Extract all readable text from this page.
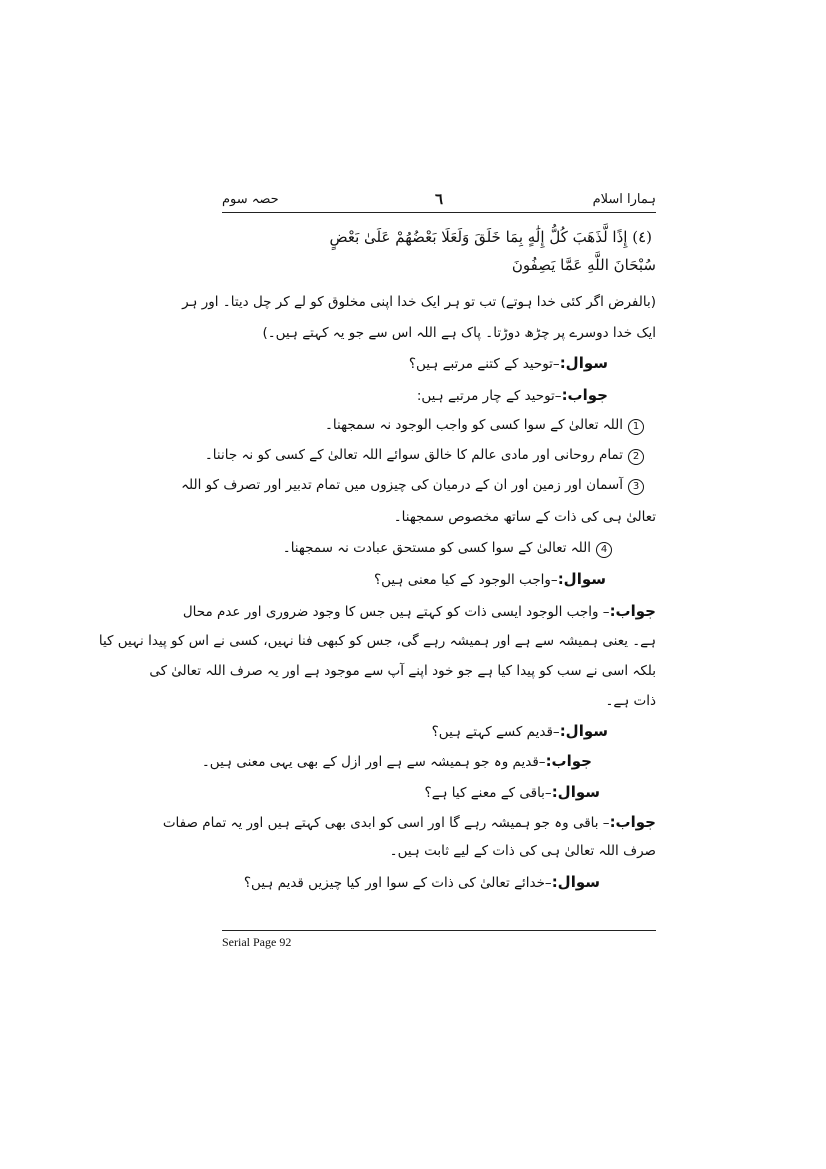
ہمارا اسلام
٦
حصہ سوم
(٤) إِذًا لَّذَهَبَ كُلُّ إِلَٰهٍ بِمَا خَلَقَ وَلَعَلَا بَعْضُهُمْ عَلَىٰ بَعْضٍ
سُبْحَانَ اللَّهِ عَمَّا يَصِفُونَ
(بالفرض اگر کئی خدا ہوتے) تب تو ہر ایک خدا اپنی مخلوق کو لے کر چل دیتا۔ اور ہر
ایک خدا دوسرے پر چڑھ دوڑتا۔ پاک ہے اللہ اس سے جو یہ کہتے ہیں۔)
سوال:–توحید کے کتنے مرتبے ہیں؟
جواب:–توحید کے چار مرتبے ہیں:
1اللہ تعالیٰ کے سوا کسی کو واجب الوجود نہ سمجھنا۔
2تمام روحانی اور مادی عالم کا خالق سوائے اللہ تعالیٰ کے کسی کو نہ جاننا۔
3آسمان اور زمین اور ان کے درمیان کی چیزوں میں تمام تدبیر اور تصرف کو اللہ
تعالیٰ ہی کی ذات کے ساتھ مخصوص سمجھنا۔
4اللہ تعالیٰ کے سوا کسی کو مستحق عبادت نہ سمجھنا۔
سوال:–واجب الوجود کے کیا معنی ہیں؟
جواب:– واجب الوجود ایسی ذات کو کہتے ہیں جس کا وجود ضروری اور عدم محال
ہے۔ یعنی ہمیشہ سے ہے اور ہمیشہ رہے گی، جس کو کبھی فنا نہیں، کسی نے اس کو پیدا نہیں کیا
بلکہ اسی نے سب کو پیدا کیا ہے جو خود اپنے آپ سے موجود ہے اور یہ صرف اللہ تعالیٰ کی
ذات ہے۔
سوال:–قدیم کسے کہتے ہیں؟
جواب:–قدیم وہ جو ہمیشہ سے ہے اور ازل کے بھی یہی معنی ہیں۔
سوال:–باقی کے معنے کیا ہے؟
جواب:– باقی وہ جو ہمیشہ رہے گا اور اسی کو ابدی بھی کہتے ہیں اور یہ تمام صفات
صرف اللہ تعالیٰ ہی کی ذات کے لیے ثابت ہیں۔
سوال:–خدائے تعالیٰ کی ذات کے سوا اور کیا چیزیں قدیم ہیں؟
Serial Page 92
